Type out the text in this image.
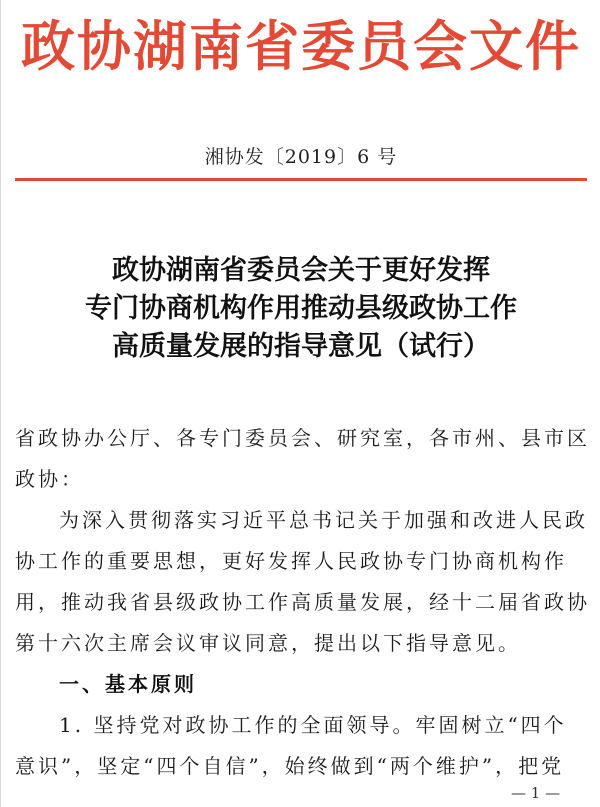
政协湖南省委员会文件
湘协发〔2019〕6 号
政协湖南省委员会关于更好发挥
专门协商机构作用推动县级政协工作
高质量发展的指导意见（试行）
省政协办公厅、各专门委员会、研究室，各市州、县市区
政协：
为深入贯彻落实习近平总书记关于加强和改进人民政
协工作的重要思想，更好发挥人民政协专门协商机构作
用，推动我省县级政协工作高质量发展，经十二届省政协
第十六次主席会议审议同意，提出以下指导意见。
一、基本原则
1. 坚持党对政协工作的全面领导。牢固树立“四个
意识”，坚定“四个自信”，始终做到“两个维护”，把党
— 1 —
